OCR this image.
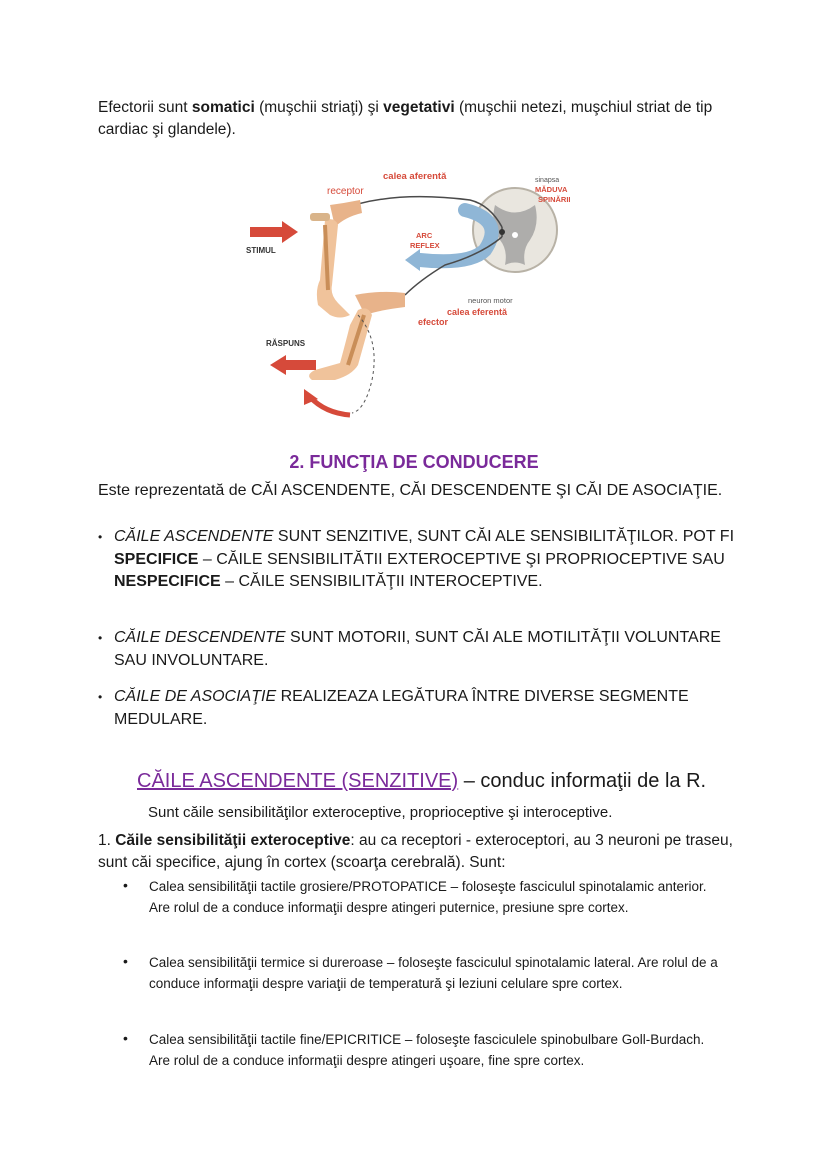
Efectorii sunt somatici (muşchii striaţi) şi vegetativi (muşchii netezi, muşchiul striat de tip cardiac şi glandele).

calea aferentă
receptor
sinapsa
MĂDUVA
SPINĂRII
STIMUL
ARC
REFLEX
neuron motor
calea eferentă
efector
RĂSPUNS
2. FUNCŢIA DE CONDUCERE

Este reprezentată de CĂI ASCENDENTE, CĂI DESCENDENTE ŞI CĂI DE ASOCIAŢIE.

• CĂILE ASCENDENTE SUNT SENZITIVE, SUNT CĂI ALE SENSIBILITĂŢILOR. POT FI SPECIFICE – CĂILE SENSIBILITĂTII EXTEROCEPTIVE ŞI PROPRIOCEPTIVE SAU NESPECIFICE – CĂILE SENSIBILITĂŢII INTEROCEPTIVE.
• CĂILE DESCENDENTE SUNT MOTORII, SUNT CĂI ALE MOTILITĂŢII VOLUNTARE SAU INVOLUNTARE.
• CĂILE DE ASOCIAŢIE REALIZEAZA LEGĂTURA ÎNTRE DIVERSE SEGMENTE MEDULARE.
CĂILE ASCENDENTE (SENZITIVE) – conduc informaţii de la R.
Sunt căile sensibilităţilor exteroceptive, proprioceptive şi interoceptive.

1. Căile sensibilităţii exteroceptive: au ca receptori - exteroceptori, au 3 neuroni pe traseu, sunt căi specifice, ajung în cortex (scoarţa cerebrală). Sunt:

•	Calea sensibilităţii tactile grosiere/PROTOPATICE – foloseşte fasciculul spinotalamic anterior. Are rolul de a conduce informaţii despre atingeri puternice, presiune spre cortex.
•	Calea sensibilităţii termice si dureroase – foloseşte fasciculul spinotalamic lateral. Are rolul de a conduce informaţii despre variaţii de temperatură şi leziuni celulare spre cortex.
•	Calea sensibilităţii tactile fine/EPICRITICE – foloseşte fasciculele spinobulbare Goll-Burdach. Are rolul de a conduce informaţii despre atingeri uşoare, fine spre cortex.
